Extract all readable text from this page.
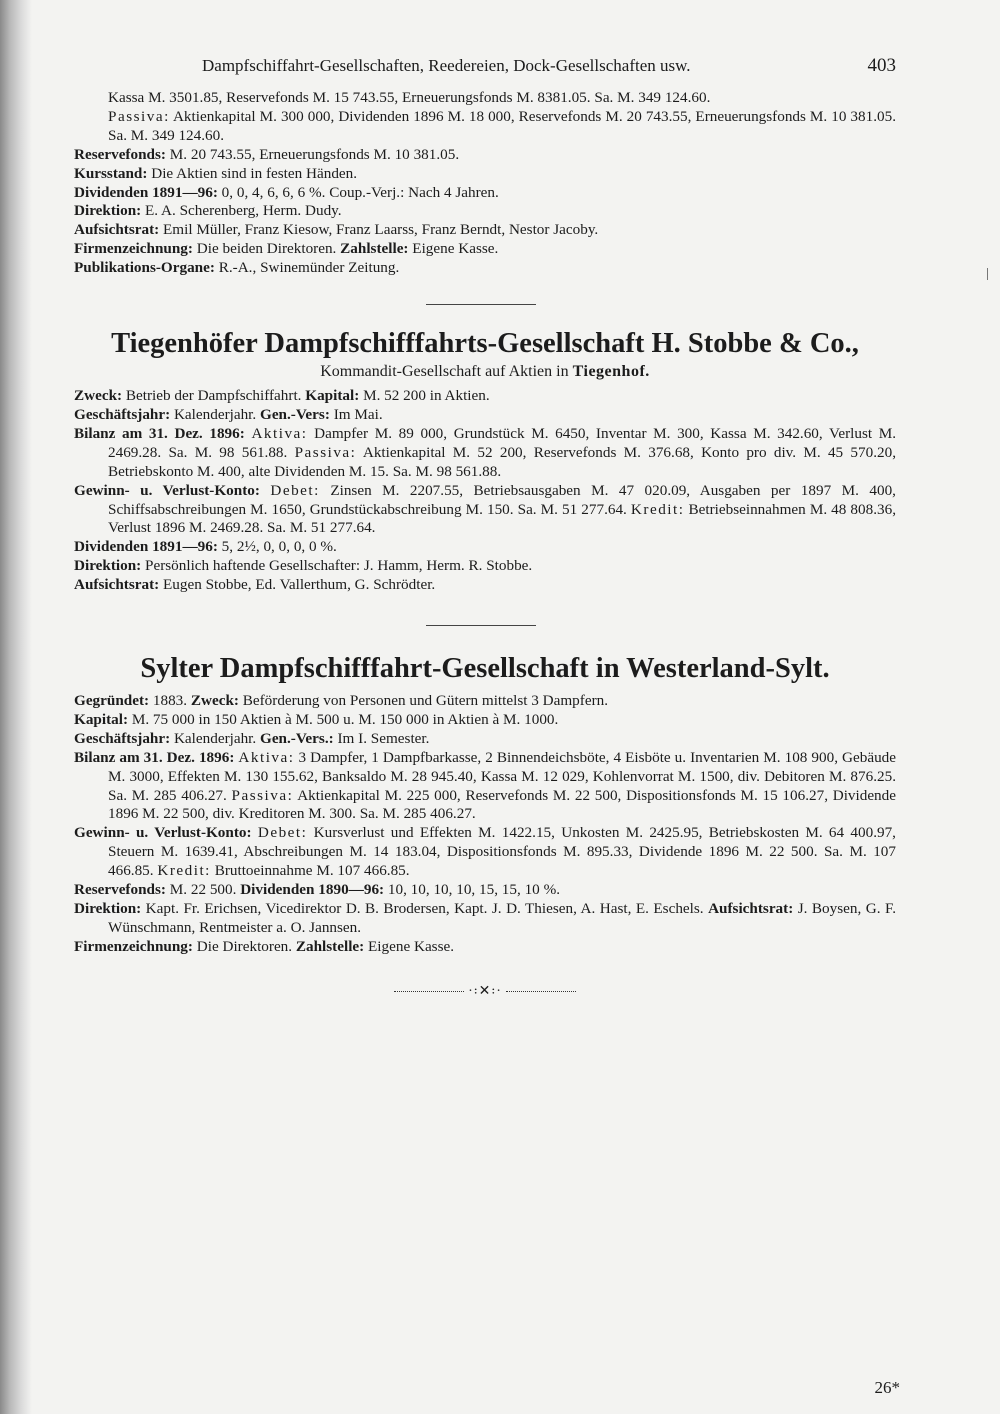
Dampfschiffahrt-Gesellschaften, Reedereien, Dock-Gesellschaften usw.	403

Kassa M. 3501.85, Reservefonds M. 15 743.55, Erneuerungsfonds M. 8381.05. Sa. M. 349 124.60.

Passiva: Aktienkapital M. 300 000, Dividenden 1896 M. 18 000, Reservefonds M. 20 743.55, Erneuerungsfonds M. 10 381.05. Sa. M. 349 124.60.

Reservefonds: M. 20 743.55, Erneuerungsfonds M. 10 381.05.

Kursstand: Die Aktien sind in festen Händen.

Dividenden 1891—96: 0, 0, 4, 6, 6, 6 %. Coup.-Verj.: Nach 4 Jahren.

Direktion: E. A. Scherenberg, Herm. Dudy.

Aufsichtsrat: Emil Müller, Franz Kiesow, Franz Laarss, Franz Berndt, Nestor Jacoby.

Firmenzeichnung: Die beiden Direktoren. Zahlstelle: Eigene Kasse.

Publikations-Organe: R.-A., Swinemünder Zeitung.

Tiegenhöfer Dampfschifffahrts-Gesellschaft H. Stobbe & Co.,

Kommandit-Gesellschaft auf Aktien in Tiegenhof.

Zweck: Betrieb der Dampfschiffahrt. Kapital: M. 52 200 in Aktien.

Geschäftsjahr: Kalenderjahr. Gen.-Vers: Im Mai.

Bilanz am 31. Dez. 1896: Aktiva: Dampfer M. 89 000, Grundstück M. 6450, Inventar M. 300, Kassa M. 342.60, Verlust M. 2469.28. Sa. M. 98 561.88. Passiva: Aktienkapital M. 52 200, Reservefonds M. 376.68, Konto pro div. M. 45 570.20, Betriebskonto M. 400, alte Dividenden M. 15. Sa. M. 98 561.88.

Gewinn- u. Verlust-Konto: Debet: Zinsen M. 2207.55, Betriebsausgaben M. 47 020.09, Ausgaben per 1897 M. 400, Schiffsabschreibungen M. 1650, Grundstückabschreibung M. 150. Sa. M. 51 277.64. Kredit: Betriebseinnahmen M. 48 808.36, Verlust 1896 M. 2469.28. Sa. M. 51 277.64.

Dividenden 1891—96: 5, 2½, 0, 0, 0, 0 %.

Direktion: Persönlich haftende Gesellschafter: J. Hamm, Herm. R. Stobbe.

Aufsichtsrat: Eugen Stobbe, Ed. Vallerthum, G. Schrödter.

Sylter Dampfschifffahrt-Gesellschaft in Westerland-Sylt.

Gegründet: 1883. Zweck: Beförderung von Personen und Gütern mittelst 3 Dampfern.

Kapital: M. 75 000 in 150 Aktien à M. 500 u. M. 150 000 in Aktien à M. 1000.

Geschäftsjahr: Kalenderjahr. Gen.-Vers.: Im I. Semester.

Bilanz am 31. Dez. 1896: Aktiva: 3 Dampfer, 1 Dampfbarkasse, 2 Binnendeichsböte, 4 Eisböte u. Inventarien M. 108 900, Gebäude M. 3000, Effekten M. 130 155.62, Banksaldo M. 28 945.40, Kassa M. 12 029, Kohlenvorrat M. 1500, div. Debitoren M. 876.25. Sa. M. 285 406.27. Passiva: Aktienkapital M. 225 000, Reservefonds M. 22 500, Dispositionsfonds M. 15 106.27, Dividende 1896 M. 22 500, div. Kreditoren M. 300. Sa. M. 285 406.27.

Gewinn- u. Verlust-Konto: Debet: Kursverlust und Effekten M. 1422.15, Unkosten M. 2425.95, Betriebskosten M. 64 400.97, Steuern M. 1639.41, Abschreibungen M. 14 183.04, Dispositionsfonds M. 895.33, Dividende 1896 M. 22 500. Sa. M. 107 466.85. Kredit: Bruttoeinnahme M. 107 466.85.

Reservefonds: M. 22 500. Dividenden 1890—96: 10, 10, 10, 10, 15, 15, 10 %.

Direktion: Kapt. Fr. Erichsen, Vicedirektor D. B. Brodersen, Kapt. J. D. Thiesen, A. Hast, E. Eschels. Aufsichtsrat: J. Boysen, G. F. Wünschmann, Rentmeister a. O. Jannsen.

Firmenzeichnung: Die Direktoren. Zahlstelle: Eigene Kasse.

·꞉✕꞉·
26*
